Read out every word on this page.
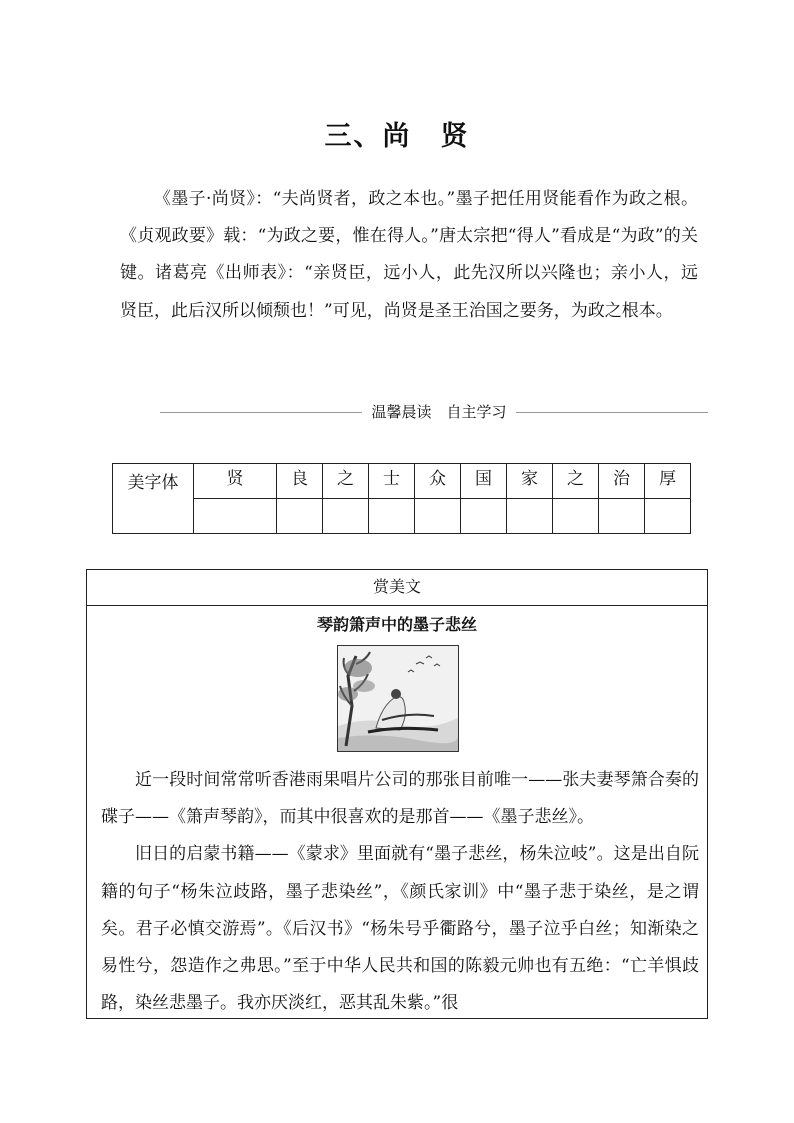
三、尚　贤
《墨子·尚贤》：“夫尚贤者，政之本也。”墨子把任用贤能看作为政之根。《贞观政要》载：“为政之要，惟在得人。”唐太宗把“得人”看成是“为政”的关键。诸葛亮《出师表》：“亲贤臣，远小人，此先汉所以兴隆也；亲小人，远贤臣，此后汉所以倾颓也！”可见，尚贤是圣王治国之要务，为政之根本。
温馨晨读　自主学习
美字体	贤	良	之	士	众	国	家	之	治	厚

赏美文
琴韵箫声中的墨子悲丝

近一段时间常常听香港雨果唱片公司的那张目前唯一——张夫妻琴箫合奏的碟子——《箫声琴韵》，而其中很喜欢的是那首——《墨子悲丝》。

旧日的启蒙书籍——《蒙求》里面就有“墨子悲丝，杨朱泣岐”。这是出自阮籍的句子“杨朱泣歧路，墨子悲染丝”，《颜氏家训》中“墨子悲于染丝，是之谓矣。君子必慎交游焉”。《后汉书》“杨朱号乎衢路兮，墨子泣乎白丝；知渐染之易性兮，怨造作之弗思。”至于中华人民共和国的陈毅元帅也有五绝：“亡羊惧歧路，染丝悲墨子。我亦厌淡红，恶其乱朱紫。”很
